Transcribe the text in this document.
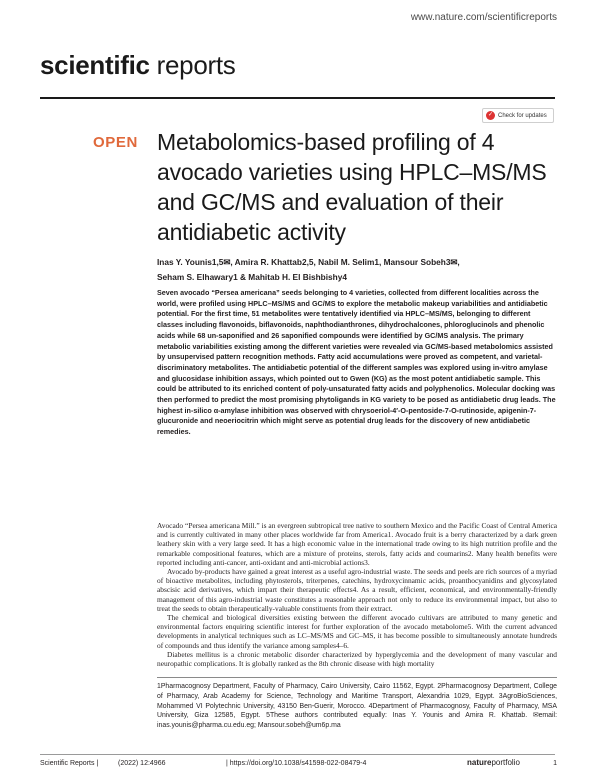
www.nature.com/scientificreports
scientific reports
✓ Check for updates
OPEN Metabolomics-based profiling of 4 avocado varieties using HPLC–MS/MS and GC/MS and evaluation of their antidiabetic activity
Inas Y. Younis1,5✉, Amira R. Khattab2,5, Nabil M. Selim1, Mansour Sobeh3✉,
Seham S. Elhawary1 & Mahitab H. El Bishbishy4
Seven avocado “Persea americana” seeds belonging to 4 varieties, collected from different localities across the world, were profiled using HPLC–MS/MS and GC/MS to explore the metabolic makeup variabilities and antidiabetic potential. For the first time, 51 metabolites were tentatively identified via HPLC–MS/MS, belonging to different classes including flavonoids, biflavonoids, naphthodianthrones, dihydrochalcones, phloroglucinols and phenolic acids while 68 un-saponified and 26 saponified compounds were identified by GC/MS analysis. The primary metabolic variabilities existing among the different varieties were revealed via GC/MS-based metabolomics assisted by unsupervised pattern recognition methods. Fatty acid accumulations were proved as competent, and varietal-discriminatory metabolites. The antidiabetic potential of the different samples was explored using in-vitro amylase and glucosidase inhibition assays, which pointed out to Gwen (KG) as the most potent antidiabetic sample. This could be attributed to its enriched content of poly-unsaturated fatty acids and polyphenolics. Molecular docking was then performed to predict the most promising phytoligands in KG variety to be posed as antidiabetic drug leads. The highest in-silico α-amylase inhibition was observed with chrysoeriol-4′-O-pentoside-7-O-rutinoside, apigenin-7-glucuronide and neoeriocitrin which might serve as potential drug leads for the discovery of new antidiabetic remedies.

Avocado “Persea americana Mill.” is an evergreen subtropical tree native to southern Mexico and the Pacific Coast of Central America and is currently cultivated in many other places worldwide far from America1. Avocado fruit is a berry characterized by a dark green leathery skin with a very large seed. It has a high economic value in the international trade owing to its high nutrition profile and the remarkable compositional features, which are a mixture of proteins, sterols, fatty acids and coumarins2. Many health benefits were reported including anti-cancer, anti-oxidant and anti-microbial actions3.

Avocado by-products have gained a great interest as a useful agro-industrial waste. The seeds and peels are rich sources of a myriad of bioactive metabolites, including phytosterols, triterpenes, catechins, hydroxycinnamic acids, proanthocyanidins and glycosylated abscisic acid derivatives, which impart their therapeutic effects4. As a result, efficient, economical, and environmentally-friendly management of this agro-industrial waste constitutes a reasonable approach not only to reduce its environmental impact, but also to treat the seeds to obtain therapeutically-valuable constituents from their extract.

The chemical and biological diversities existing between the different avocado cultivars are attributed to many genetic and environmental factors enquiring scientific interest for further exploration of the avocado metabolome5. With the current advanced developments in analytical techniques such as LC–MS/MS and GC–MS, it has become possible to simultaneously annotate hundreds of compounds and thus identify the variance among samples4–6.

Diabetes mellitus is a chronic metabolic disorder characterized by hyperglycemia and the development of many vascular and neuropathic complications. It is globally ranked as the 8th chronic disease with high mortality

1Pharmacognosy Department, Faculty of Pharmacy, Cairo University, Cairo 11562, Egypt. 2Pharmacognosy Department, College of Pharmacy, Arab Academy for Science, Technology and Maritime Transport, Alexandria 1029, Egypt. 3AgroBioSciences, Mohammed VI Polytechnic University, 43150 Ben-Guerir, Morocco. 4Department of Pharmacognosy, Faculty of Pharmacy, MSA University, Giza 12585, Egypt. 5These authors contributed equally: Inas Y. Younis and Amira R. Khattab. ✉email: inas.younis@pharma.cu.edu.eg; Mansour.sobeh@um6p.ma
Scientific Reports |	(2022) 12:4966	| https://doi.org/10.1038/s41598-022-08479-4	natureportfolio	1
